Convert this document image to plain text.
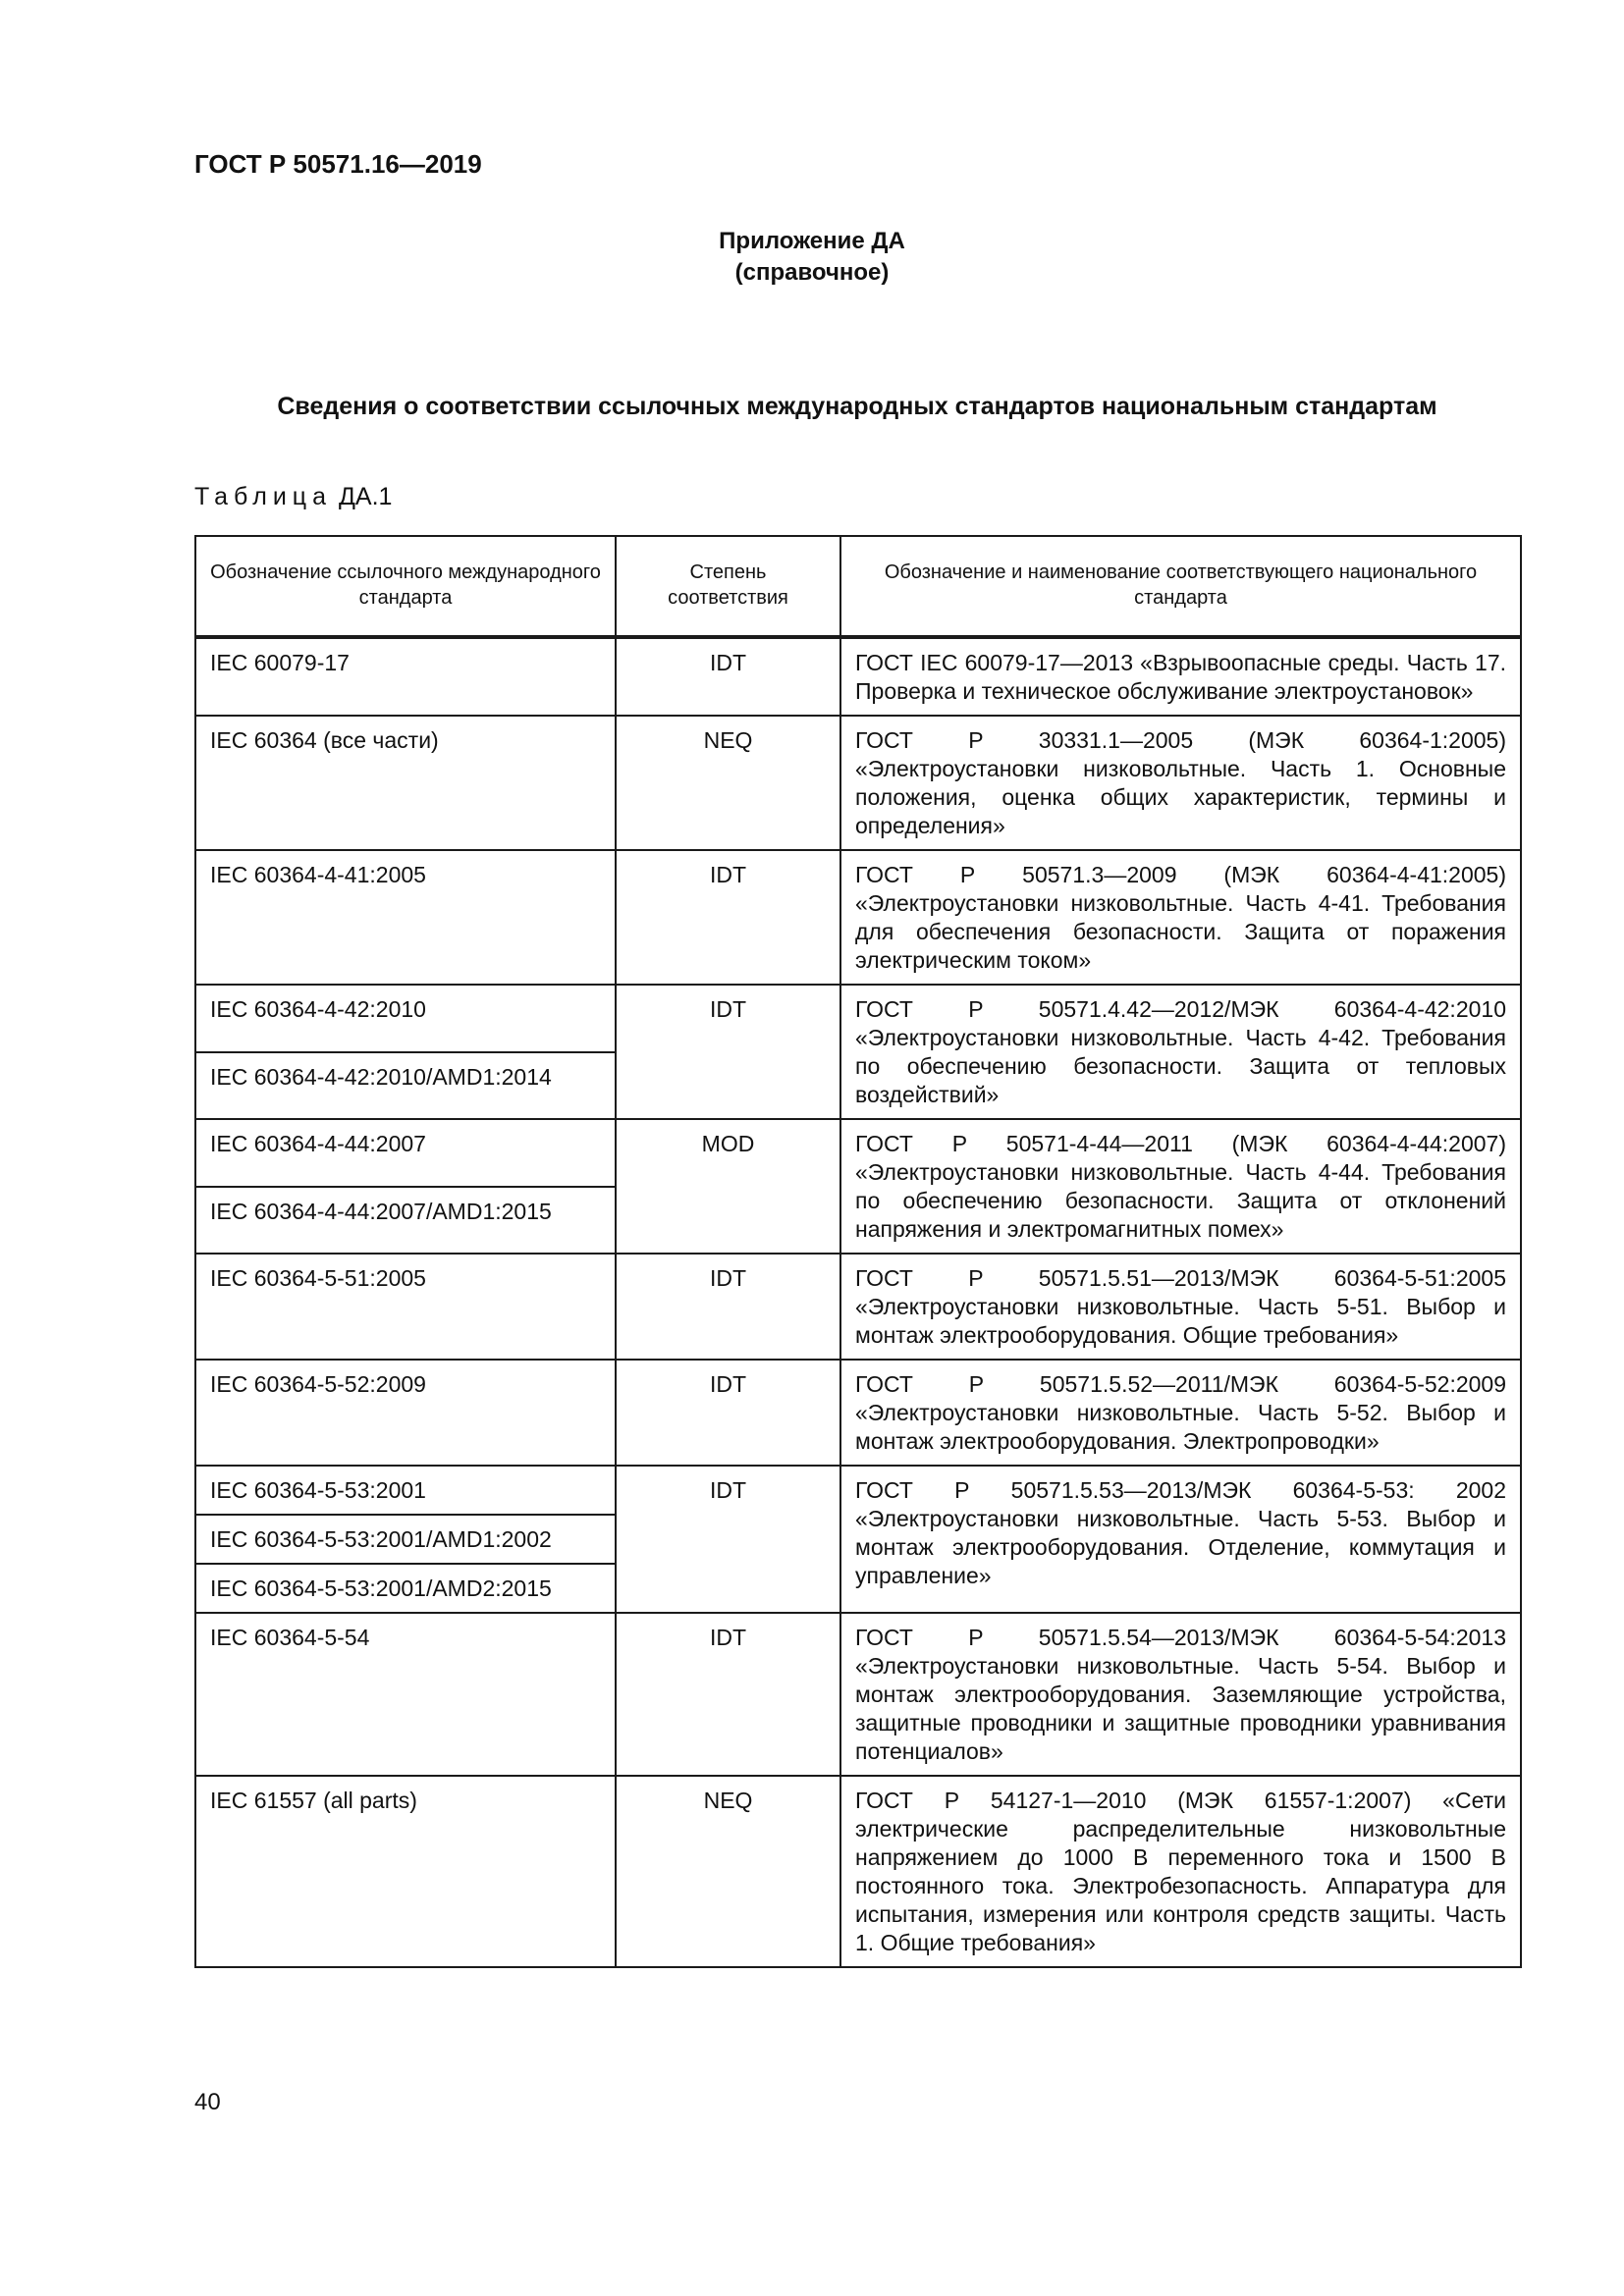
ГОСТ Р 50571.16—2019
Приложение ДА
(справочное)
Сведения о соответствии ссылочных международных стандартов национальным стандартам
Таблица ДА.1
Обозначение ссылочного международного стандарта	Степень соответствия	Обозначение и наименование соответствующего национального стандарта
IEC 60079-17	IDT	ГОСТ IEC 60079-17—2013 «Взрывоопасные среды. Часть 17. Проверка и техническое обслуживание электроустановок»
IEC 60364 (все части)	NEQ	ГОСТ Р 30331.1—2005 (МЭК 60364-1:2005) «Электроустановки низковольтные. Часть 1. Основные положения, оценка общих характеристик, термины и определения»
IEC 60364-4-41:2005	IDT	ГОСТ Р 50571.3—2009 (МЭК 60364-4-41:2005) «Электроустановки низковольтные. Часть 4-41. Требования для обеспечения безопасности. Защита от поражения электрическим током»
IEC 60364-4-42:2010	IDT	ГОСТ Р 50571.4.42—2012/МЭК 60364-4-42:2010 «Электроустановки низковольтные. Часть 4-42. Требования по обеспечению безопасности. Защита от тепловых воздействий»
IEC 60364-4-42:2010/AMD1:2014		
IEC 60364-4-44:2007	MOD	ГОСТ Р 50571-4-44—2011 (МЭК 60364-4-44:2007) «Электроустановки низковольтные. Часть 4-44. Требования по обеспечению безопасности. Защита от отклонений напряжения и электромагнитных помех»
IEC 60364-4-44:2007/AMD1:2015		
IEC 60364-5-51:2005	IDT	ГОСТ Р 50571.5.51—2013/МЭК 60364-5-51:2005 «Электроустановки низковольтные. Часть 5-51. Выбор и монтаж электрооборудования. Общие требования»
IEC 60364-5-52:2009	IDT	ГОСТ Р 50571.5.52—2011/МЭК 60364-5-52:2009 «Электроустановки низковольтные. Часть 5-52. Выбор и монтаж электрооборудования. Электропроводки»
IEC 60364-5-53:2001	IDT	ГОСТ Р 50571.5.53—2013/МЭК 60364-5-53: 2002 «Электроустановки низковольтные. Часть 5-53. Выбор и монтаж электрооборудования. Отделение, коммутация и управление»
IEC 60364-5-53:2001/AMD1:2002		
IEC 60364-5-53:2001/AMD2:2015		
IEC 60364-5-54	IDT	ГОСТ Р 50571.5.54—2013/МЭК 60364-5-54:2013 «Электроустановки низковольтные. Часть 5-54. Выбор и монтаж электрооборудования. Заземляющие устройства, защитные проводники и защитные проводники уравнивания потенциалов»
IEC 61557 (all parts)	NEQ	ГОСТ Р 54127-1—2010 (МЭК 61557-1:2007) «Сети электрические распределительные низковольтные напряжением до 1000 В переменного тока и 1500 В постоянного тока. Электробезопасность. Аппаратура для испытания, измерения или контроля средств защиты. Часть 1. Общие требования»
40
